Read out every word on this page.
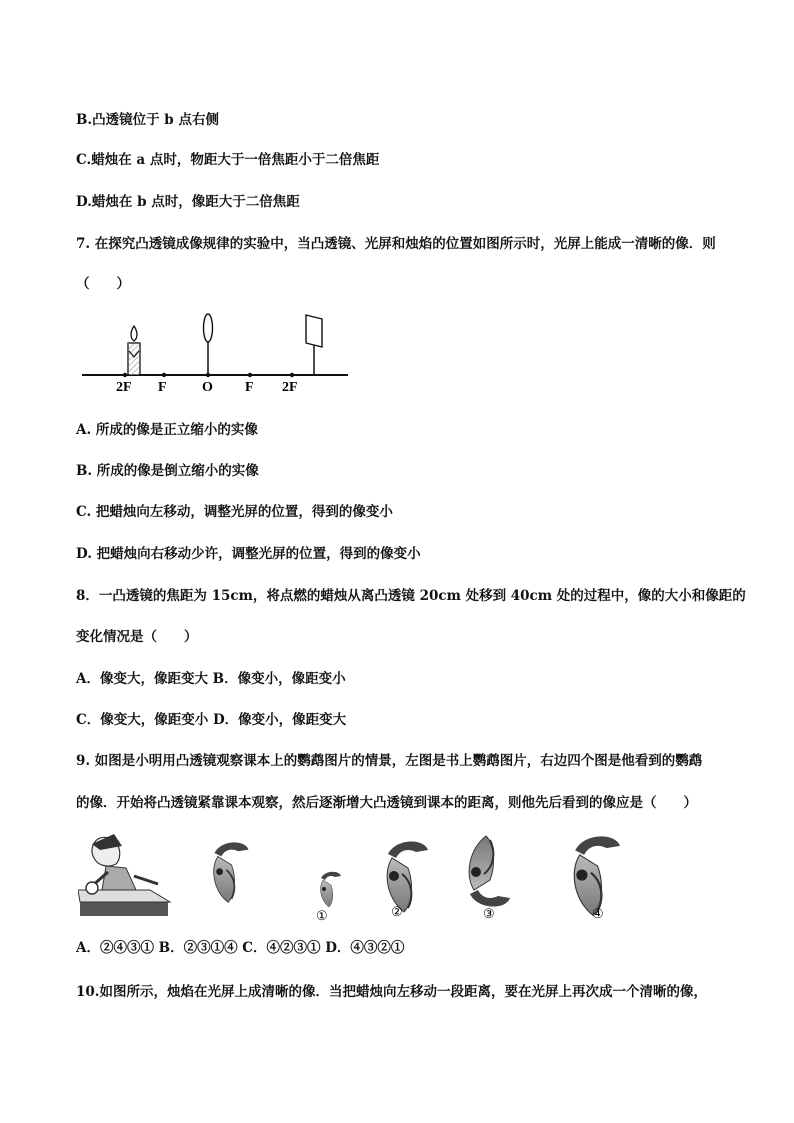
B.凸透镜位于 b 点右侧
C.蜡烛在 a 点时，物距大于一倍焦距小于二倍焦距
D.蜡烛在 b 点时，像距大于二倍焦距
7. 在探究凸透镜成像规律的实验中，当凸透镜、光屏和烛焰的位置如图所示时，光屏上能成一清晰的像．则
（　　）
2F F	O F 2F
A. 所成的像是正立缩小的实像
B. 所成的像是倒立缩小的实像
C. 把蜡烛向左移动，调整光屏的位置，得到的像变小
D. 把蜡烛向右移动少许，调整光屏的位置，得到的像变小
8．一凸透镜的焦距为 15cm，将点燃的蜡烛从离凸透镜 20cm 处移到 40cm 处的过程中，像的大小和像距的
变化情况是（　　）
A．像变大，像距变大 B．像变小，像距变小
C．像变大，像距变小 D．像变小，像距变大
9. 如图是小明用凸透镜观察课本上的鹦鹉图片的情景，左图是书上鹦鹉图片，右边四个图是他看到的鹦鹉
的像．开始将凸透镜紧靠课本观察，然后逐渐增大凸透镜到课本的距离，则他先后看到的像应是（　　）
①	②	③	④
A．②④③① B．②③①④ C．④②③① D．④③②①
10.如图所示，烛焰在光屏上成清晰的像．当把蜡烛向左移动一段距离，要在光屏上再次成一个清晰的像，
